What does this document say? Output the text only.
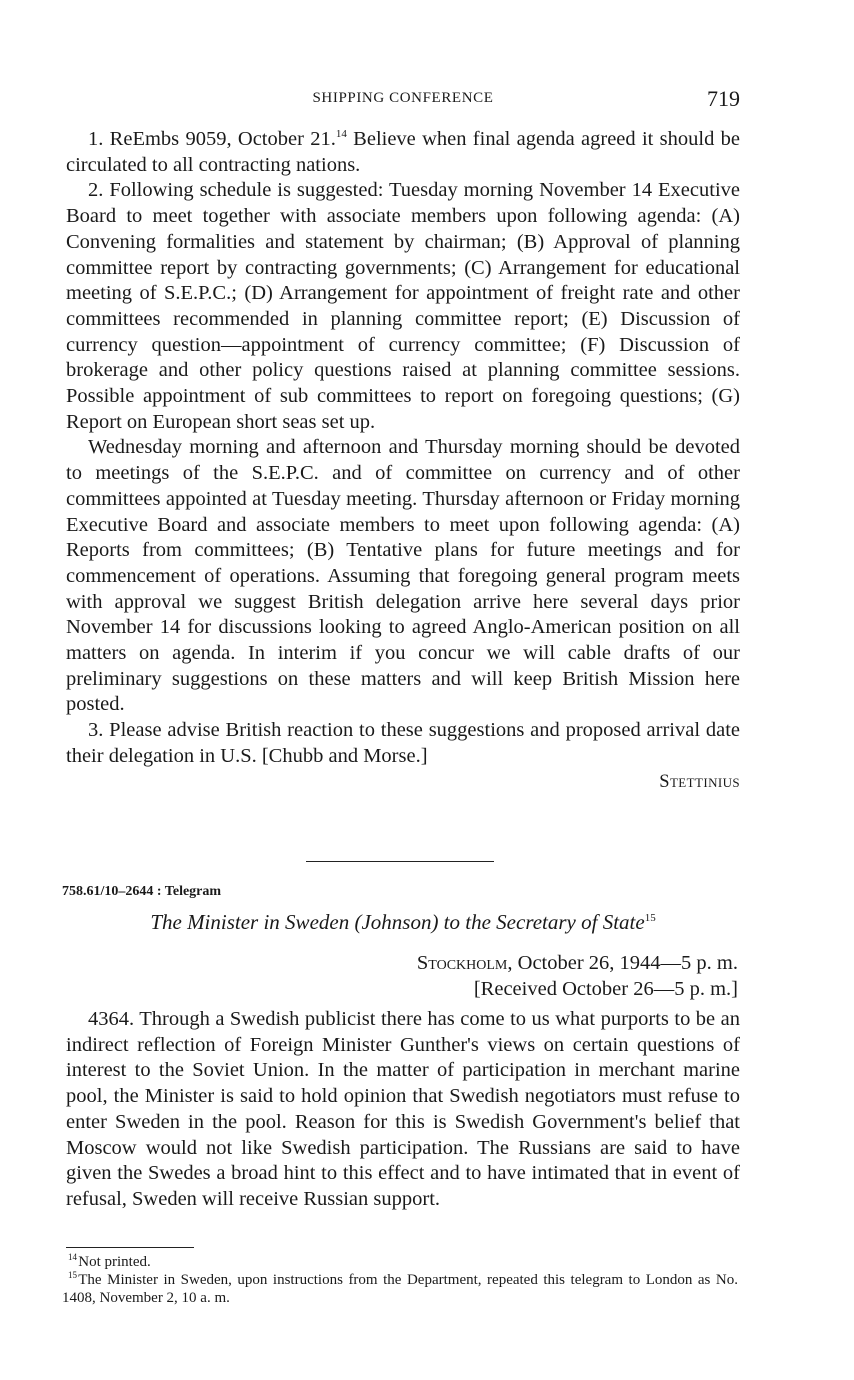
SHIPPING CONFERENCE	719

1. ReEmbs 9059, October 21.14 Believe when final agenda agreed it should be circulated to all contracting nations.

2. Following schedule is suggested: Tuesday morning November 14 Executive Board to meet together with associate members upon following agenda: (A) Convening formalities and statement by chairman; (B) Approval of planning committee report by contracting governments; (C) Arrangement for educational meeting of S.E.P.C.; (D) Arrangement for appointment of freight rate and other committees recommended in planning committee report; (E) Discussion of currency question—appointment of currency committee; (F) Discussion of brokerage and other policy questions raised at planning committee sessions. Possible appointment of sub committees to report on foregoing questions; (G) Report on European short seas set up.

Wednesday morning and afternoon and Thursday morning should be devoted to meetings of the S.E.P.C. and of committee on currency and of other committees appointed at Tuesday meeting. Thursday afternoon or Friday morning Executive Board and associate members to meet upon following agenda: (A) Reports from committees; (B) Tentative plans for future meetings and for commencement of operations. Assuming that foregoing general program meets with approval we suggest British delegation arrive here several days prior November 14 for discussions looking to agreed Anglo-American position on all matters on agenda. In interim if you concur we will cable drafts of our preliminary suggestions on these matters and will keep British Mission here posted.

3. Please advise British reaction to these suggestions and proposed arrival date their delegation in U.S. [Chubb and Morse.]

Stettinius
758.61/10–2644 : Telegram
The Minister in Sweden (Johnson) to the Secretary of State$^{15}$
Stockholm, October 26, 1944—5 p. m.
[Received October 26—5 p. m.]

4364. Through a Swedish publicist there has come to us what purports to be an indirect reflection of Foreign Minister Gunther's views on certain questions of interest to the Soviet Union. In the matter of participation in merchant marine pool, the Minister is said to hold opinion that Swedish negotiators must refuse to enter Sweden in the pool. Reason for this is Swedish Government's belief that Moscow would not like Swedish participation. The Russians are said to have given the Swedes a broad hint to this effect and to have intimated that in event of refusal, Sweden will receive Russian support.

$^{14}$ Not printed.

$^{15}$ The Minister in Sweden, upon instructions from the Department, repeated this telegram to London as No. 1408, November 2, 10 a. m.
